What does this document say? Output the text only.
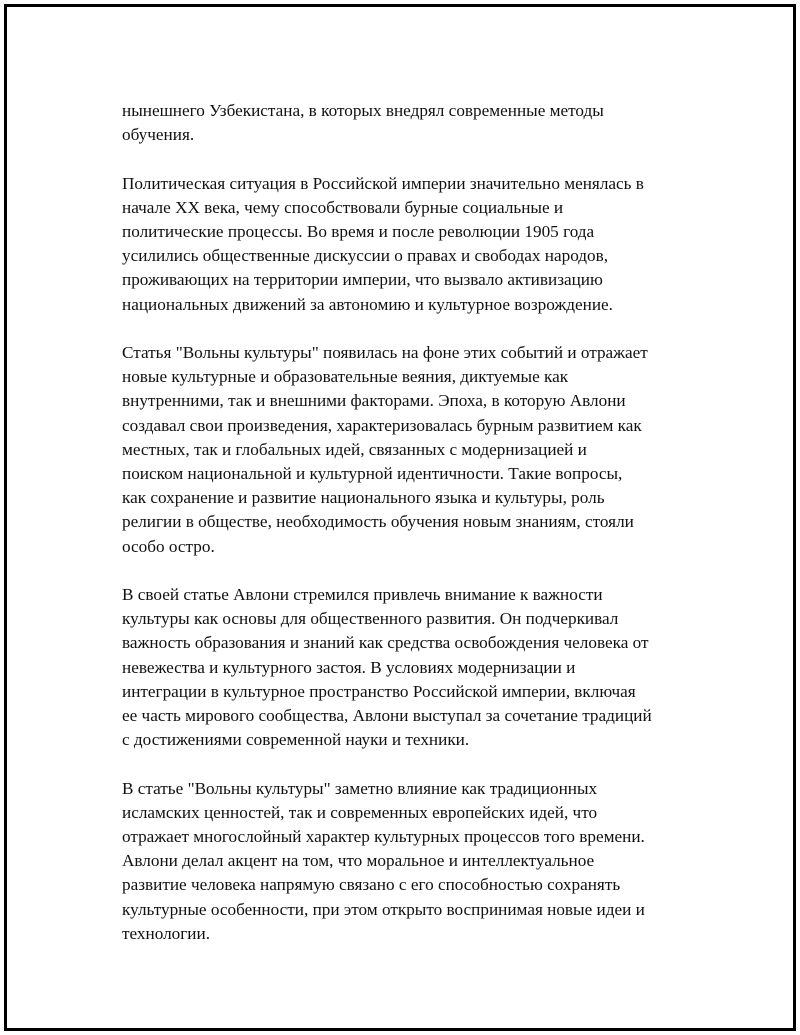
нынешнего Узбекистана, в которых внедрял современные методы
обучения.

Политическая ситуация в Российской империи значительно менялась в
начале XX века, чему способствовали бурные социальные и
политические процессы. Во время и после революции 1905 года
усилились общественные дискуссии о правах и свободах народов,
проживающих на территории империи, что вызвало активизацию
национальных движений за автономию и культурное возрождение.

Статья "Вольны культуры" появилась на фоне этих событий и отражает
новые культурные и образовательные веяния, диктуемые как
внутренними, так и внешними факторами. Эпоха, в которую Авлони
создавал свои произведения, характеризовалась бурным развитием как
местных, так и глобальных идей, связанных с модернизацией и
поиском национальной и культурной идентичности. Такие вопросы,
как сохранение и развитие национального языка и культуры, роль
религии в обществе, необходимость обучения новым знаниям, стояли
особо остро.

В своей статье Авлони стремился привлечь внимание к важности
культуры как основы для общественного развития. Он подчеркивал
важность образования и знаний как средства освобождения человека от
невежества и культурного застоя. В условиях модернизации и
интеграции в культурное пространство Российской империи, включая
ее часть мирового сообщества, Авлони выступал за сочетание традиций
с достижениями современной науки и техники.

В статье "Вольны культуры" заметно влияние как традиционных
исламских ценностей, так и современных европейских идей, что
отражает многослойный характер культурных процессов того времени.
Авлони делал акцент на том, что моральное и интеллектуальное
развитие человека напрямую связано с его способностью сохранять
культурные особенности, при этом открыто воспринимая новые идеи и
технологии.
